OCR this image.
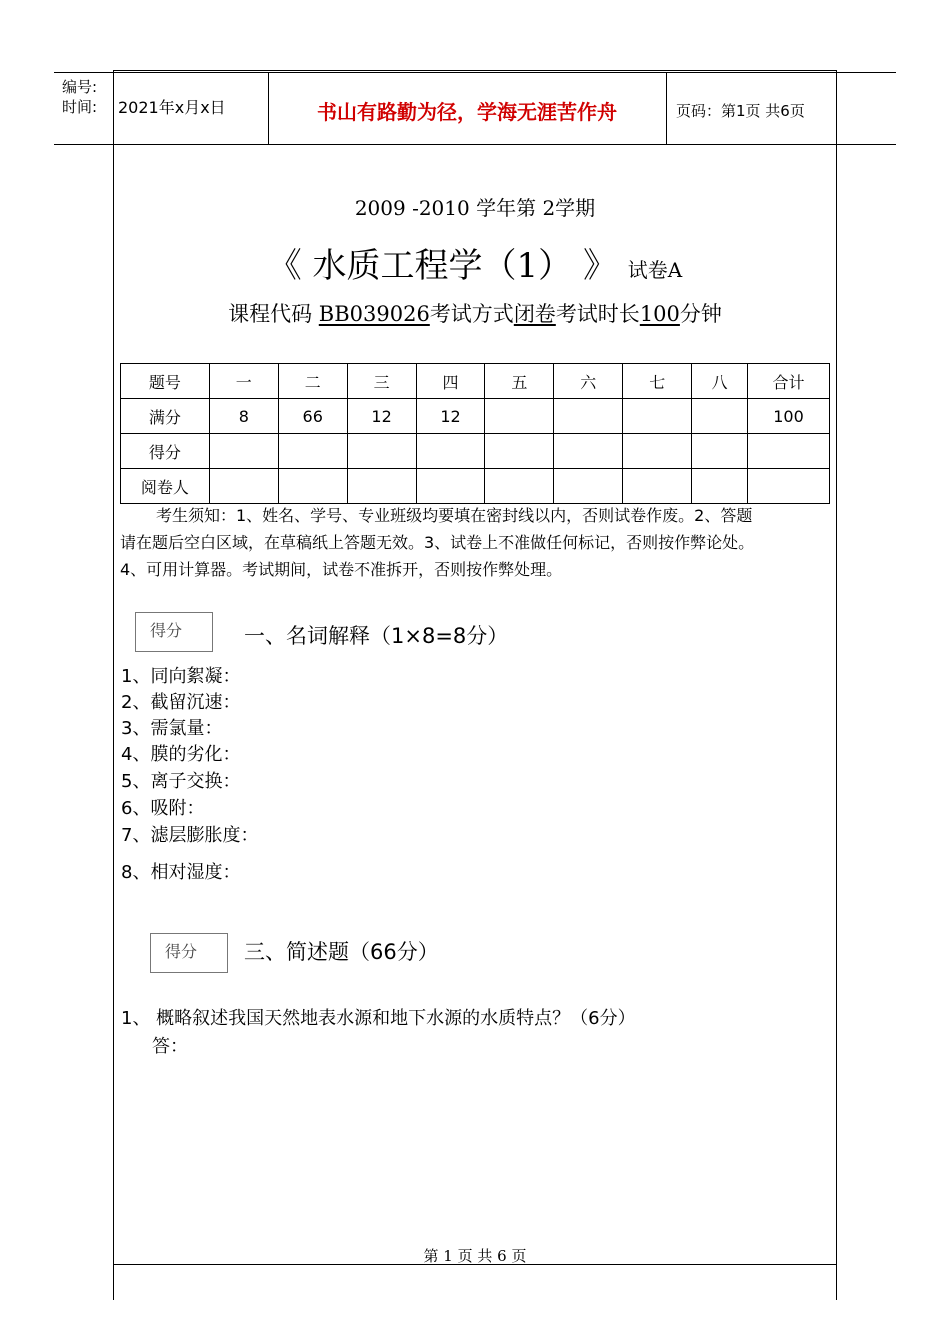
编号:
时间: 2021年x月x日	书山有路勤为径，学海无涯苦作舟	页码：第1页 共6页
2009 -2010 学年第 2学期
《 水质工程学（1） 》 试卷A
课程代码 BB039026考试方式闭卷考试时长100分钟
题号	一	二	三	四	五	六	七	八	合计
满分	8	66	12	12					100
得分									
阅卷人									
考生须知：1、姓名、学号、专业班级均要填在密封线以内，否则试卷作废。2、答题
请在题后空白区域，在草稿纸上答题无效。3、试卷上不准做任何标记，否则按作弊论处。
4、可用计算器。考试期间，试卷不准拆开，否则按作弊处理。
得分	一、名词解释（1×8=8分）
1、同向絮凝：
2、截留沉速：
3、需氯量：
4、膜的劣化：
5、离子交换：
6、吸附：
7、滤层膨胀度：
8、相对湿度：
得分	三、简述题（66分）
1、 概略叙述我国天然地表水源和地下水源的水质特点？（6分）
答：
第 1 页 共 6 页
